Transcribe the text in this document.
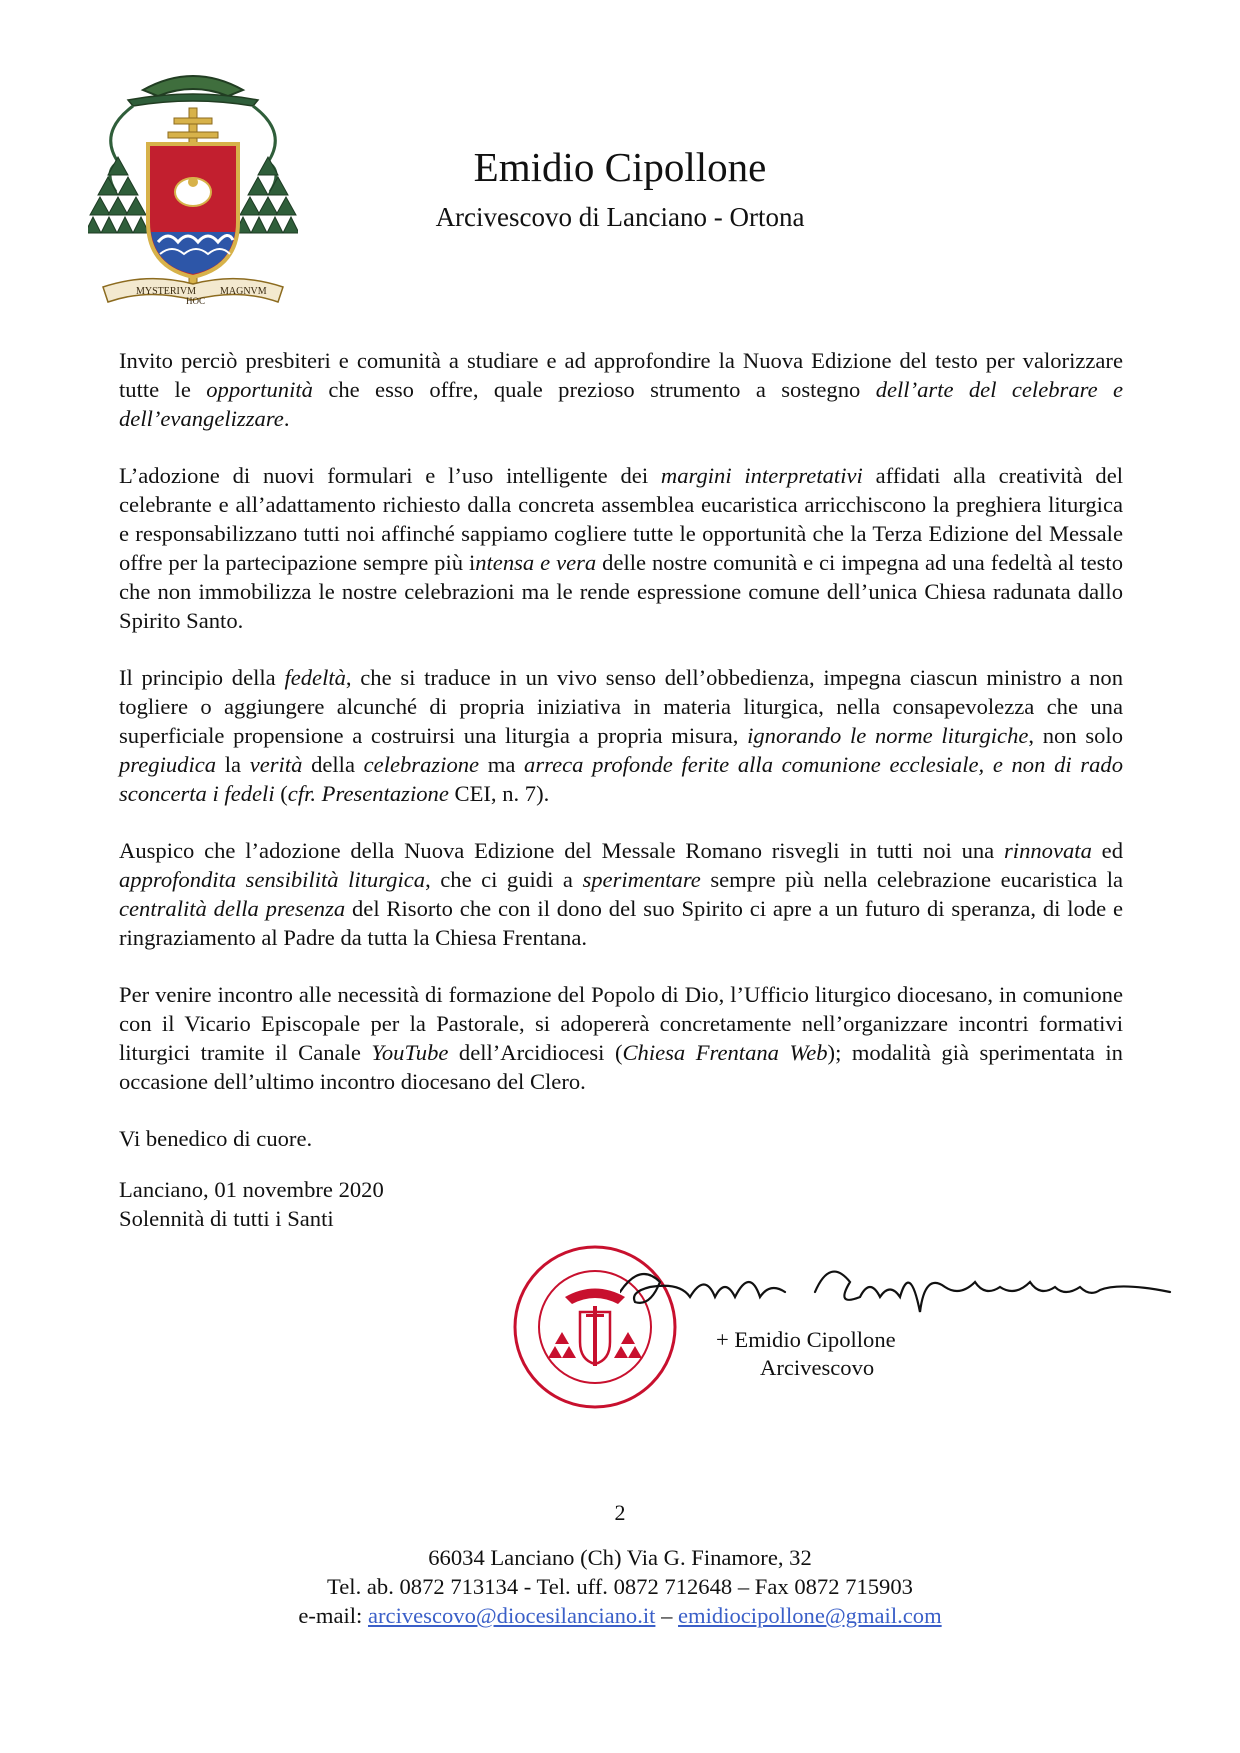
MYSTERIVM
HOC
MAGNVM
Emidio Cipollone
Arcivescovo di Lanciano - Ortona

Invito perciò presbiteri e comunità a studiare e ad approfondire la Nuova Edizione del testo per valorizzare tutte le opportunità che esso offre, quale prezioso strumento a sostegno dell’arte del celebrare e dell’evangelizzare.

L’adozione di nuovi formulari e l’uso intelligente dei margini interpretativi affidati alla creatività del celebrante e all’adattamento richiesto dalla concreta assemblea eucaristica arricchiscono la preghiera liturgica e responsabilizzano tutti noi affinché sappiamo cogliere tutte le opportunità che la Terza Edizione del Messale offre per la partecipazione sempre più intensa e vera delle nostre comunità e ci impegna ad una fedeltà al testo che non immobilizza le nostre celebrazioni ma le rende espressione comune dell’unica Chiesa radunata dallo Spirito Santo.

Il principio della fedeltà, che si traduce in un vivo senso dell’obbedienza, impegna ciascun ministro a non togliere o aggiungere alcunché di propria iniziativa in materia liturgica, nella consapevolezza che una superficiale propensione a costruirsi una liturgia a propria misura, ignorando le norme liturgiche, non solo pregiudica la verità della celebrazione ma arreca profonde ferite alla comunione ecclesiale, e non di rado sconcerta i fedeli (cfr. Presentazione CEI, n. 7).

Auspico che l’adozione della Nuova Edizione del Messale Romano risvegli in tutti noi una rinnovata ed approfondita sensibilità liturgica, che ci guidi a sperimentare sempre più nella celebrazione eucaristica la centralità della presenza del Risorto che con il dono del suo Spirito ci apre a un futuro di speranza, di lode e ringraziamento al Padre da tutta la Chiesa Frentana.

Per venire incontro alle necessità di formazione del Popolo di Dio, l’Ufficio liturgico diocesano, in comunione con il Vicario Episcopale per la Pastorale, si adopererà concretamente nell’organizzare incontri formativi liturgici tramite il Canale YouTube dell’Arcidiocesi (Chiesa Frentana Web); modalità già sperimentata in occasione dell’ultimo incontro diocesano del Clero.

Vi benedico di cuore.

Lanciano, 01 novembre 2020

Solennità di tutti i Santi

+ Emidio Cipollone
Arcivescovo
2
66034 Lanciano (Ch) Via G. Finamore, 32
Tel. ab. 0872 713134 - Tel. uff. 0872 712648 – Fax 0872 715903
e-mail: arcivescovo@diocesilanciano.it – emidiocipollone@gmail.com
